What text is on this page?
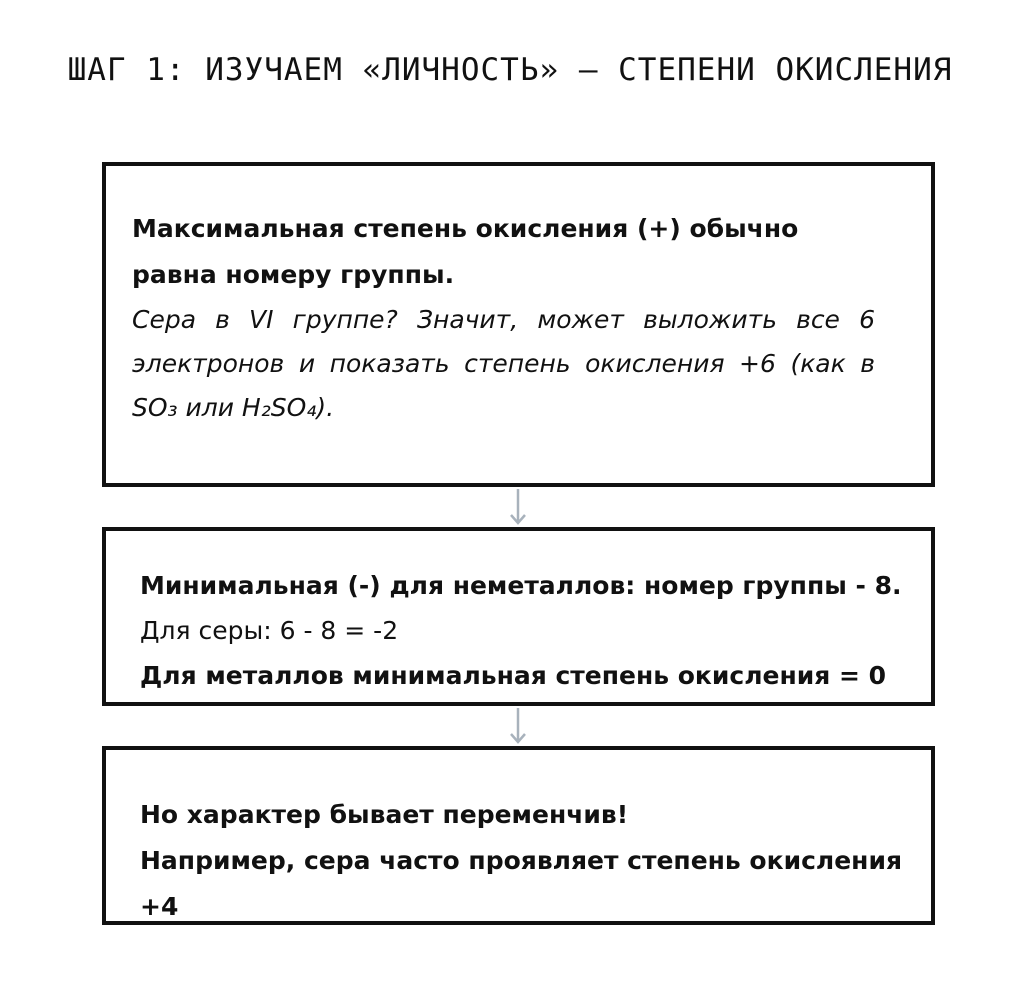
ШАГ 1: ИЗУЧАЕМ «ЛИЧНОСТЬ» – СТЕПЕНИ ОКИСЛЕНИЯ
Максимальная степень окисления (+) обычно равна номеру группы.
Сера в VI группе? Значит, может выложить все 6 электронов и показать степень окисления +6 (как в SO₃ или H₂SO₄).
Минимальная (-) для неметаллов: номер группы - 8.
Для серы: 6 - 8 = -2
Для металлов минимальная степень окисления = 0
Но характер бывает переменчив!
Например, сера часто проявляет степень окисления +4
